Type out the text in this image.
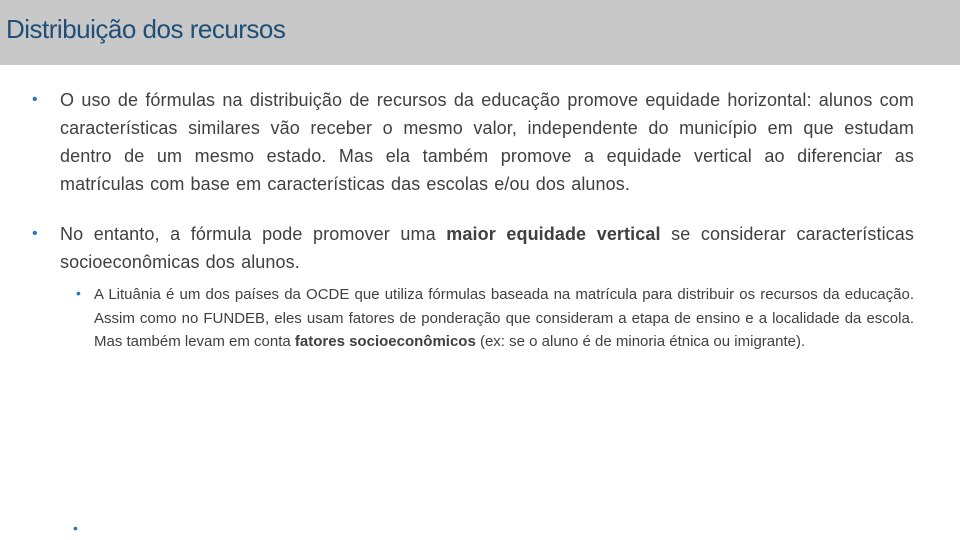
Distribuição dos recursos
• O uso de fórmulas na distribuição de recursos da educação promove equidade horizontal: alunos com características similares vão receber o mesmo valor, independente do município em que estudam dentro de um mesmo estado. Mas ela também promove a equidade vertical ao diferenciar as matrículas com base em características das escolas e/ou dos alunos.
• No entanto, a fórmula pode promover uma maior equidade vertical se considerar características socioeconômicas dos alunos.
• A Lituânia é um dos países da OCDE que utiliza fórmulas baseada na matrícula para distribuir os recursos da educação. Assim como no FUNDEB, eles usam fatores de ponderação que consideram a etapa de ensino e a localidade da escola. Mas também levam em conta fatores socioeconômicos (ex: se o aluno é de minoria étnica ou imigrante).
•
